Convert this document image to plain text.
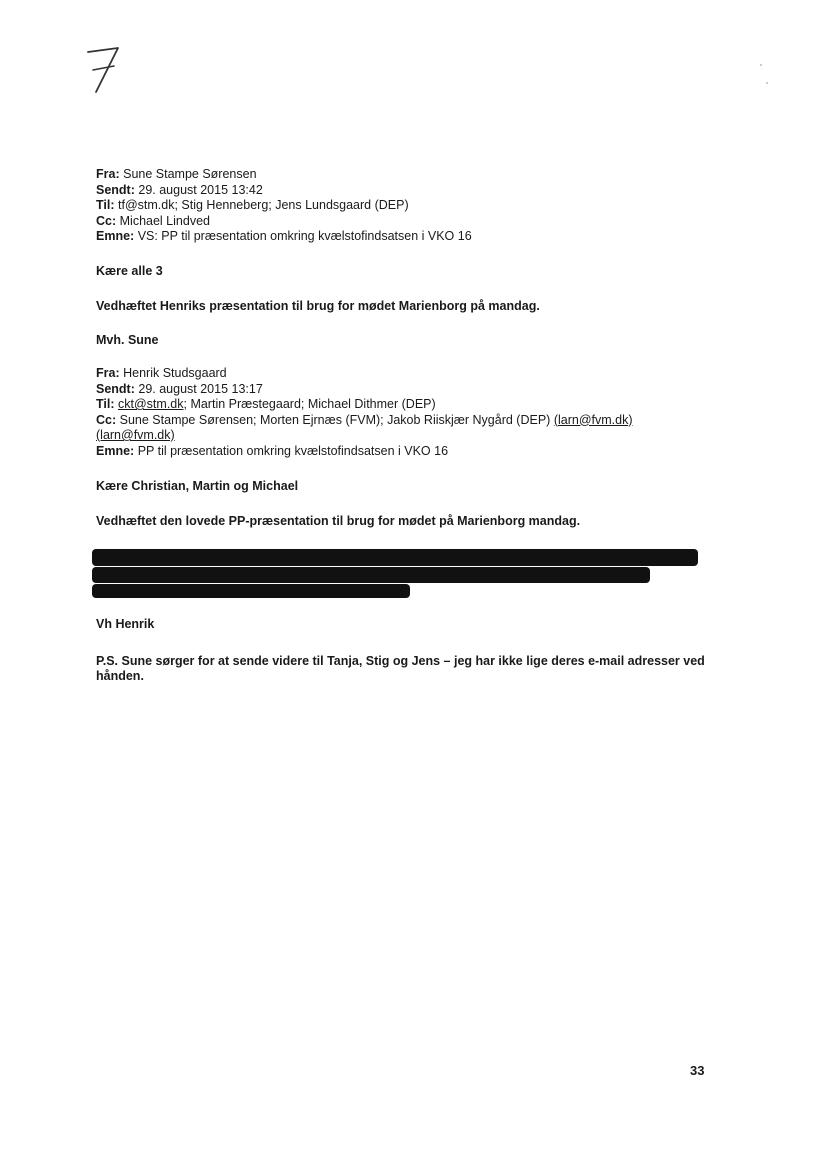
Fra: Sune Stampe Sørensen
Sendt: 29. august 2015 13:42
Til: tf@stm.dk; Stig Henneberg; Jens Lundsgaard (DEP)
Cc: Michael Lindved
Emne: VS: PP til præsentation omkring kvælstofindsatsen i VKO 16
Kære alle 3
Vedhæftet Henriks præsentation til brug for mødet Marienborg på mandag.
Mvh. Sune
Fra: Henrik Studsgaard
Sendt: 29. august 2015 13:17
Til: ckt@stm.dk; Martin Præstegaard; Michael Dithmer (DEP)
Cc: Sune Stampe Sørensen; Morten Ejrnæs (FVM); Jakob Riiskjær Nygård (DEP) (larn@fvm.dk)
(larn@fvm.dk)
Emne: PP til præsentation omkring kvælstofindsatsen i VKO 16
Kære Christian, Martin og Michael
Vedhæftet den lovede PP-præsentation til brug for mødet på Marienborg mandag.
Vh Henrik
P.S. Sune sørger for at sende videre til Tanja, Stig og Jens – jeg har ikke lige deres e-mail adresser ved
hånden.
33
